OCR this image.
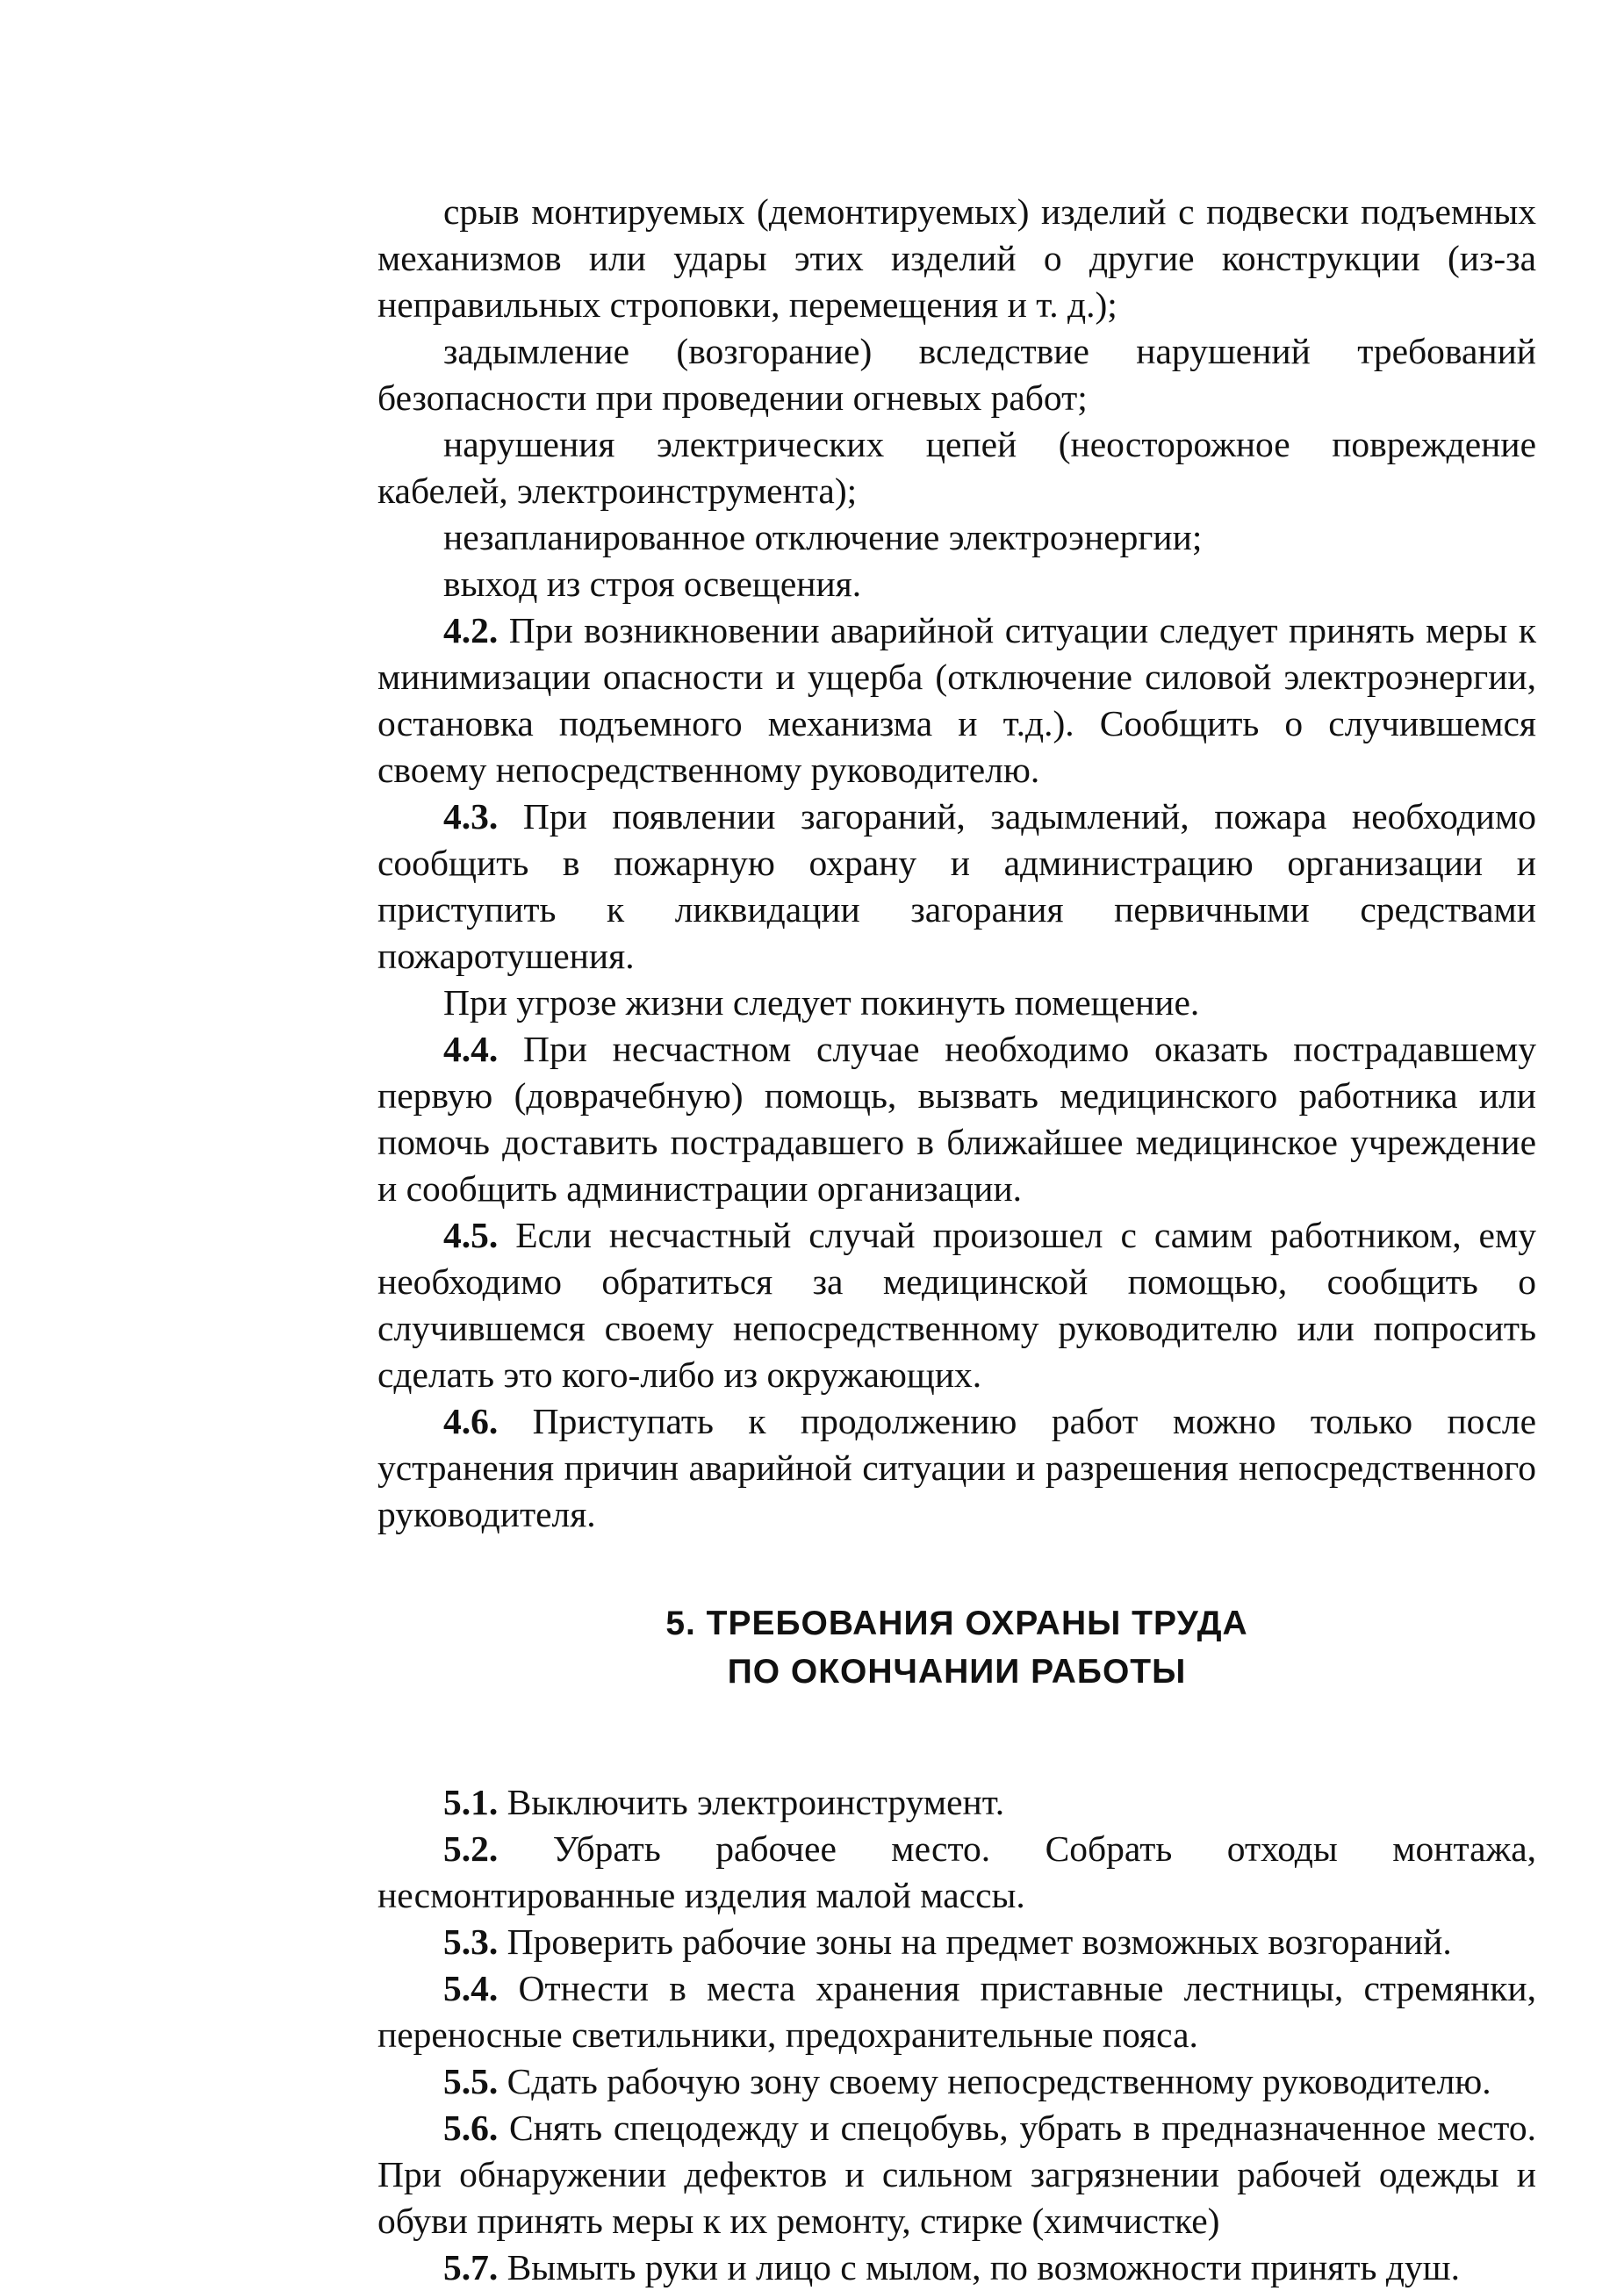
срыв монтируемых (демонтируемых) изделий с подвески подъемных механизмов или удары этих изделий о другие конструкции (из-за неправильных строповки, перемещения и т. д.);

задымление (возгорание) вследствие нарушений требований безопасности при проведении огневых работ;

нарушения электрических цепей (неосторожное повреждение кабелей, электроинструмента);

незапланированное отключение электроэнергии;

выход из строя освещения.

4.2. При возникновении аварийной ситуации следует принять меры к минимизации опасности и ущерба (отключение силовой электроэнергии, остановка подъемного механизма и т.д.). Сообщить о случившемся своему непосредственному руководителю.

4.3. При появлении загораний, задымлений, пожара необходимо сообщить в пожарную охрану и администрацию организации и приступить к ликвидации загорания первичными средствами пожаротушения.

При угрозе жизни следует покинуть помещение.

4.4. При несчастном случае необходимо оказать пострадавшему первую (доврачебную) помощь, вызвать медицинского работника или помочь доставить пострадавшего в ближайшее медицинское учреждение и сообщить администрации организации.

4.5. Если несчастный случай произошел с самим работником, ему необходимо обратиться за медицинской помощью, сообщить о случившемся своему непосредственному руководителю или попросить сделать это кого-либо из окружающих.

4.6. Приступать к продолжению работ можно только после устранения причин аварийной ситуации и разрешения непосредственного руководителя.

5. ТРЕБОВАНИЯ ОХРАНЫ ТРУДА
ПО ОКОНЧАНИИ РАБОТЫ

5.1. Выключить электроинструмент.

5.2. Убрать рабочее место. Собрать отходы монтажа, несмонтированные изделия малой массы.

5.3. Проверить рабочие зоны на предмет возможных возгораний.

5.4. Отнести в места хранения приставные лестницы, стремянки, переносные светильники, предохранительные пояса.

5.5. Сдать рабочую зону своему непосредственному руководителю.

5.6. Снять спецодежду и спецобувь, убрать в предназначенное место. При обнаружении дефектов и сильном загрязнении рабочей одежды и обуви принять меры к их ремонту, стирке (химчистке)

5.7. Вымыть руки и лицо с мылом, по возможности принять душ.
